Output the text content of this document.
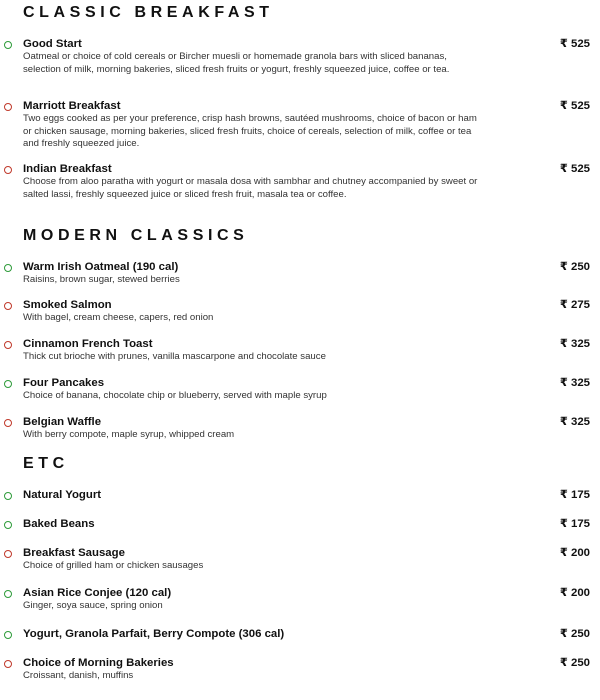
CLASSIC BREAKFAST
Good Start	₹ 525
Oatmeal or choice of cold cereals or Bircher muesli or homemade granola bars with sliced bananas, selection of milk, morning bakeries, sliced fresh fruits or yogurt, freshly squeezed juice, coffee or tea.
Marriott Breakfast	₹ 525
Two eggs cooked as per your preference, crisp hash browns, sautéed mushrooms, choice of bacon or ham or chicken sausage, morning bakeries, sliced fresh fruits, choice of cereals, selection of milk, coffee or tea and freshly squeezed juice.
Indian Breakfast	₹ 525
Choose from aloo paratha with yogurt or masala dosa with sambhar and chutney accompanied by sweet or salted lassi, freshly squeezed juice or sliced fresh fruit, masala tea or coffee.
MODERN CLASSICS
Warm Irish Oatmeal (190 cal)	₹ 250
Raisins, brown sugar, stewed berries
Smoked Salmon	₹ 275
With bagel, cream cheese, capers, red onion
Cinnamon French Toast	₹ 325
Thick cut brioche with prunes, vanilla mascarpone and chocolate sauce
Four Pancakes	₹ 325
Choice of banana, chocolate chip or blueberry, served with maple syrup
Belgian Waffle	₹ 325
With berry compote, maple syrup, whipped cream
ETC
Natural Yogurt	₹ 175
Baked Beans	₹ 175
Breakfast Sausage	₹ 200
Choice of grilled ham or chicken sausages
Asian Rice Conjee (120 cal)	₹ 200
Ginger, soya sauce, spring onion
Yogurt, Granola Parfait, Berry Compote (306 cal)	₹ 250
Choice of Morning Bakeries	₹ 250
Croissant, danish, muffins
